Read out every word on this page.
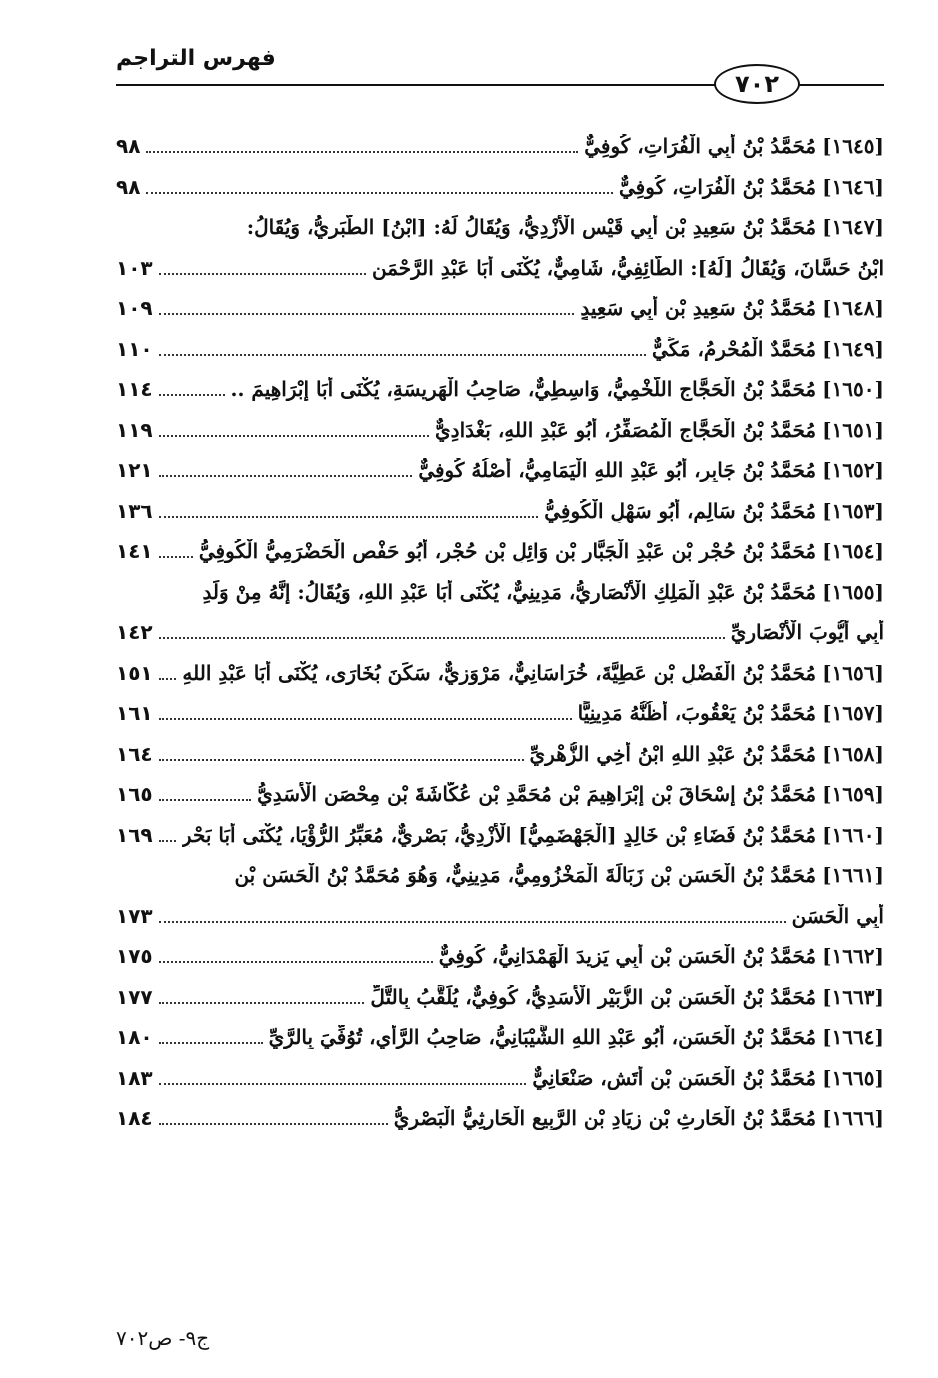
فهرس التراجم
٧٠٢
[١٦٤٥]
مُحَمَّدُ بْنُ أَبِي الْفُرَاتِ، كُوفِيٌّ
٩٨
[١٦٤٦]
مُحَمَّدُ بْنُ الْفُرَاتِ، كُوفِيٌّ
٩٨
[١٦٤٧]
مُحَمَّدُ بْنُ سَعِيدِ بْنِ أَبِي قَيْسٍ الْأَزْدِيُّ، وَيُقَالُ لَهُ: [ابْنُ] الطَّبَرِيُّ، وَيُقَالُ:
ابْنُ حَسَّانَ، وَيُقَالُ [لَهُ]: الطَّائِفِيُّ، شَامِيٌّ، يُكْنَى أَبَا عَبْدِ الرَّحْمَنِ
١٠٣
[١٦٤٨]
مُحَمَّدُ بْنُ سَعِيدِ بْنِ أَبِي سَعِيدٍ
١٠٩
[١٦٤٩]
مُحَمَّدٌ الْمُحْرِمُ، مَكِّيٌّ
١١٠
[١٦٥٠]
مُحَمَّدُ بْنُ الْحَجَّاجِ اللَّخْمِيُّ، وَاسِطِيٌّ، صَاحِبُ الْهَرِيسَةِ، يُكْنَى أَبَا إِبْرَاهِيمَ ..
١١٤
[١٦٥١]
مُحَمَّدُ بْنُ الْحَجَّاجِ الْمُصَفِّرُ، أَبُو عَبْدِ اللهِ، بَغْدَادِيٌّ
١١٩
[١٦٥٢]
مُحَمَّدُ بْنُ جَابِرٍ، أَبُو عَبْدِ اللهِ الْيَمَامِيُّ، أَصْلُهُ كُوفِيٌّ
١٢١
[١٦٥٣]
مُحَمَّدُ بْنُ سَالِمٍ، أَبُو سَهْلٍ الْكُوفِيُّ
١٣٦
[١٦٥٤]
مُحَمَّدُ بْنُ حُجْرِ بْنِ عَبْدِ الْجَبَّارِ بْنِ وَائِلِ بْنِ حُجْرٍ، أَبُو حَفْصٍ الْحَضْرَمِيُّ الْكُوفِيُّ
١٤١
[١٦٥٥]
مُحَمَّدُ بْنُ عَبْدِ الْمَلِكِ الْأَنْصَارِيُّ، مَدِينِيٌّ، يُكْنَى أَبَا عَبْدِ اللهِ، وَيُقَالُ: إِنَّهُ مِنْ وَلَدِ
أَبِي أَيُّوبَ الْأَنْصَارِيِّ
١٤٢
[١٦٥٦]
مُحَمَّدُ بْنُ الْفَضْلِ بْنِ عَطِيَّةَ، خُرَاسَانِيٌّ، مَرْوَزِيٌّ، سَكَنَ بُخَارَى، يُكْنَى أَبَا عَبْدِ اللهِ
١٥١
[١٦٥٧]
مُحَمَّدُ بْنُ يَعْقُوبَ، أَظُنُّهُ مَدِينِيًّا
١٦١
[١٦٥٨]
مُحَمَّدُ بْنُ عَبْدِ اللهِ ابْنُ أَخِي الزُّهْرِيِّ
١٦٤
[١٦٥٩]
مُحَمَّدُ بْنُ إِسْحَاقَ بْنِ إِبْرَاهِيمَ بْنِ مُحَمَّدِ بْنِ عُكَّاشَةَ بْنِ مِحْصَنٍ الْأَسَدِيُّ
١٦٥
[١٦٦٠]
مُحَمَّدُ بْنُ فَضَاءِ بْنِ خَالِدٍ [الْجَهْضَمِيُّ] الْأَزْدِيُّ، بَصْرِيٌّ، مُعَبِّرُ الرُّؤْيَا، يُكْنَى أَبَا بَحْرٍ
١٦٩
[١٦٦١]
مُحَمَّدُ بْنُ الْحَسَنِ بْنِ زَبَالَةَ الْمَخْزُومِيُّ، مَدِينِيٌّ، وَهُوَ مُحَمَّدُ بْنُ الْحَسَنِ بْنِ
أَبِي الْحَسَنِ
١٧٣
[١٦٦٢]
مُحَمَّدُ بْنُ الْحَسَنِ بْنِ أَبِي يَزِيدَ الْهَمْدَانِيُّ، كُوفِيٌّ
١٧٥
[١٦٦٣]
مُحَمَّدُ بْنُ الْحَسَنِ بْنِ الزُّبَيْرِ الْأَسَدِيُّ، كُوفِيٌّ، يُلَقَّبُ بِالتَّلِّ
١٧٧
[١٦٦٤]
مُحَمَّدُ بْنُ الْحَسَنِ، أَبُو عَبْدِ اللهِ الشَّيْبَانِيُّ، صَاحِبُ الرَّأْيِ، تُوُفِّيَ بِالرَّيِّ
١٨٠
[١٦٦٥]
مُحَمَّدُ بْنُ الْحَسَنِ بْنِ أَتَشٍ، صَنْعَانِيٌّ
١٨٣
[١٦٦٦]
مُحَمَّدُ بْنُ الْحَارِثِ بْنِ زِيَادِ بْنِ الرَّبِيعِ الْحَارِثِيُّ الْبَصْرِيُّ
١٨٤
ج٩- ص٧٠٢
